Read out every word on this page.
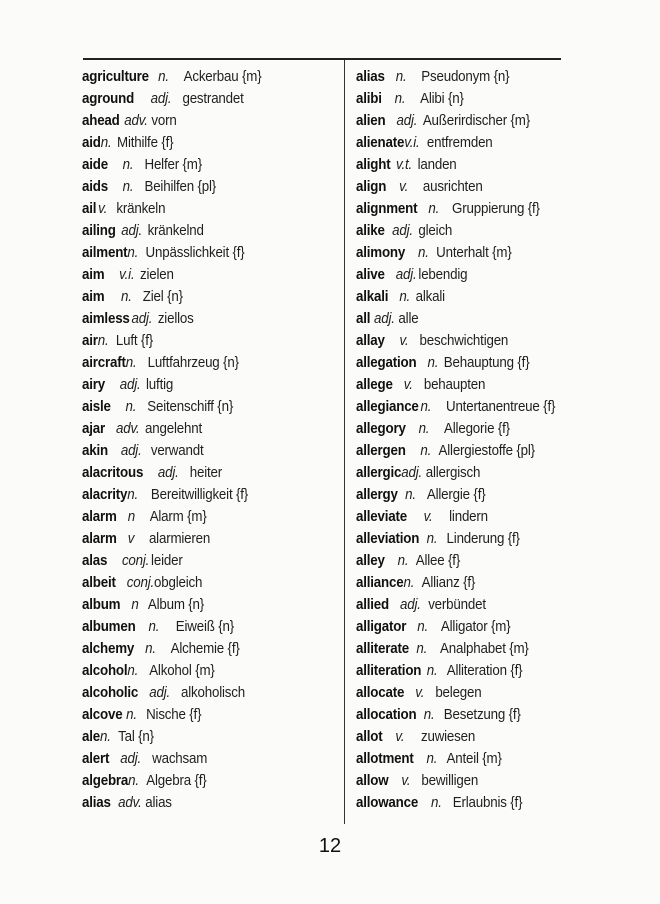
agriculture n. Ackerbau {m}
aground adj. gestrandet
ahead adv. vorn
aidn. Mithilfe {f}
aide n. Helfer {m}
aids n. Beihilfen {pl}
ail v. kränkeln
ailing adj. kränkelnd
ailmentn. Unpässlichkeit {f}
aim v.i. zielen
aim n. Ziel {n}
aimless adj. ziellos
airn. Luft {f}
aircraftn. Luftfahrzeug {n}
airy adj. luftig
aisle n. Seitenschiff {n}
ajar adv. angelehnt
akin adj. verwandt
alacritous adj. heiter
alacrityn. Bereitwilligkeit {f}
alarm n Alarm {m}
alarm v alarmieren
alas conj. leider
albeit conj.obgleich
album n Album {n}
albumen n. Eiweiß {n}
alchemy n. Alchemie {f}
alcoholn. Alkohol {m}
alcoholic adj. alkoholisch
alcove n. Nische {f}
alen. Tal {n}
alert adj. wachsam
algebran. Algebra {f}
alias adv. alias
alias n. Pseudonym {n}
alibi n. Alibi {n}
alien adj. Außerirdischer {m}
alienatev.i. entfremden
alight v.t. landen
align v. ausrichten
alignment n. Gruppierung {f}
alike adj. gleich
alimony n. Unterhalt {m}
alive adj. lebendig
alkali n. alkali
all adj. alle
allay v. beschwichtigen
allegation n. Behauptung {f}
allege v. behaupten
allegiance n. Untertanentreue {f}
allegory n. Allegorie {f}
allergen n. Allergiestoffe {pl}
allergicadj. allergisch
allergy n. Allergie {f}
alleviate v. lindern
alleviation n. Linderung {f}
alley n. Allee {f}
alliancen. Allianz {f}
allied adj. verbündet
alligator n. Alligator {m}
alliterate n. Analphabet {m}
alliteration n. Alliteration {f}
allocate v. belegen
allocation n. Besetzung {f}
allot v. zuwiesen
allotment n. Anteil {m}
allow v. bewilligen
allowance n. Erlaubnis {f}
12
